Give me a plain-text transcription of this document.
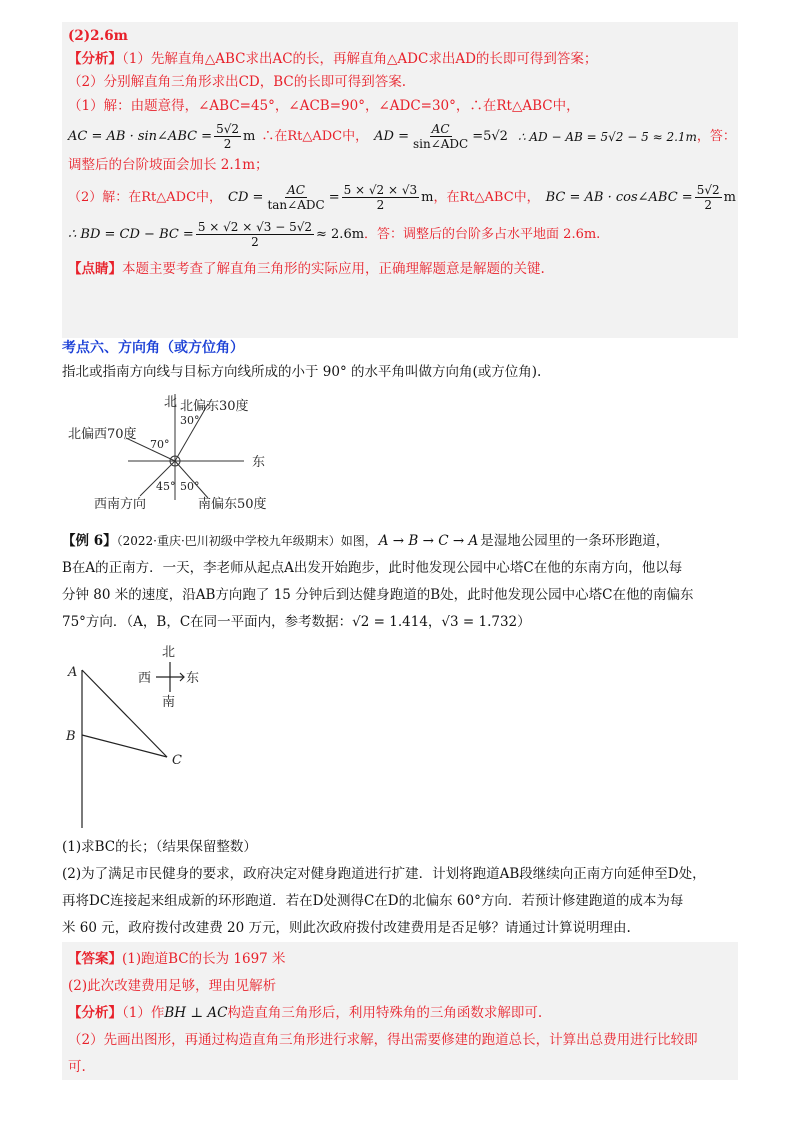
(2)2.6m

【分析】（1）先解直角△ABC求出AC的长，再解直角△ADC求出AD的长即可得到答案；

（2）分别解直角三角形求出CD，BC的长即可得到答案.

（1）解：由题意得，∠ABC=45°，∠ACB=90°，∠ADC=30°，∴在Rt△ABC中，

AC = AB · sin∠ABC = $\frac{5√2}{2}$ m ∴在Rt△ADC中， AD = $\frac{AC}{\text{sin∠ADC}} =5√2$ ∴ AD − AB = 5√2 − 5 ≈ 2.1m ，答：

调整后的台阶坡面会加长 2.1m；

（2）解：在Rt△ADC中， CD = $\frac{AC}{\text{tan∠ADC}} = \frac{5 \times √2 \times √3}{2}$ m ，在Rt△ABC中， BC = AB · cos∠ABC = $\frac{5√2}{2}$ m
∴ BD = CD − BC = $\frac{5 \times √2 \times √3 - 5√2}{2} \approx 2.6m$ ．答：调整后的台阶多占水平地面 2.6m.

【点睛】本题主要考查了解直角三角形的实际应用，正确理解题意是解题的关键.

考点六、方向角（或方位角）

指北或指南方向线与目标方向线所成的小于 90° 的水平角叫做方向角(或方位角).

北 北偏东30度
30°
北偏西70度
70°
东
45° 50°
西南方向	南偏东50度

【例 6】（2022·重庆·巴川初级中学校九年级期末）如图， A → B → C → A 是湿地公园里的一条环形跑道，

B在A的正南方．一天，李老师从起点A出发开始跑步，此时他发现公园中心塔C在他的东南方向，他以每

分钟 80 米的速度，沿AB方向跑了 15 分钟后到达健身跑道的B处，此时他发现公园中心塔C在他的南偏东

75°方向．（A，B，C在同一平面内，参考数据：√2 = 1.414，√3 = 1.732）

北
西	东
南
A
B
C

(1)求BC的长；（结果保留整数）

(2)为了满足市民健身的要求，政府决定对健身跑道进行扩建．计划将跑道AB段继续向正南方向延伸至D处，

再将DC连接起来组成新的环形跑道．若在D处测得C在D的北偏东 60°方向．若预计修建跑道的成本为每

米 60 元，政府拨付改建费 20 万元，则此次政府拨付改建费用是否足够？请通过计算说明理由.

【答案】(1)跑道BC的长为 1697 米

(2)此次改建费用足够，理由见解析

【分析】（1）作BH ⊥ AC构造直角三角形后，利用特殊角的三角函数求解即可.

（2）先画出图形，再通过构造直角三角形进行求解，得出需要修建的跑道总长，计算出总费用进行比较即

可.
